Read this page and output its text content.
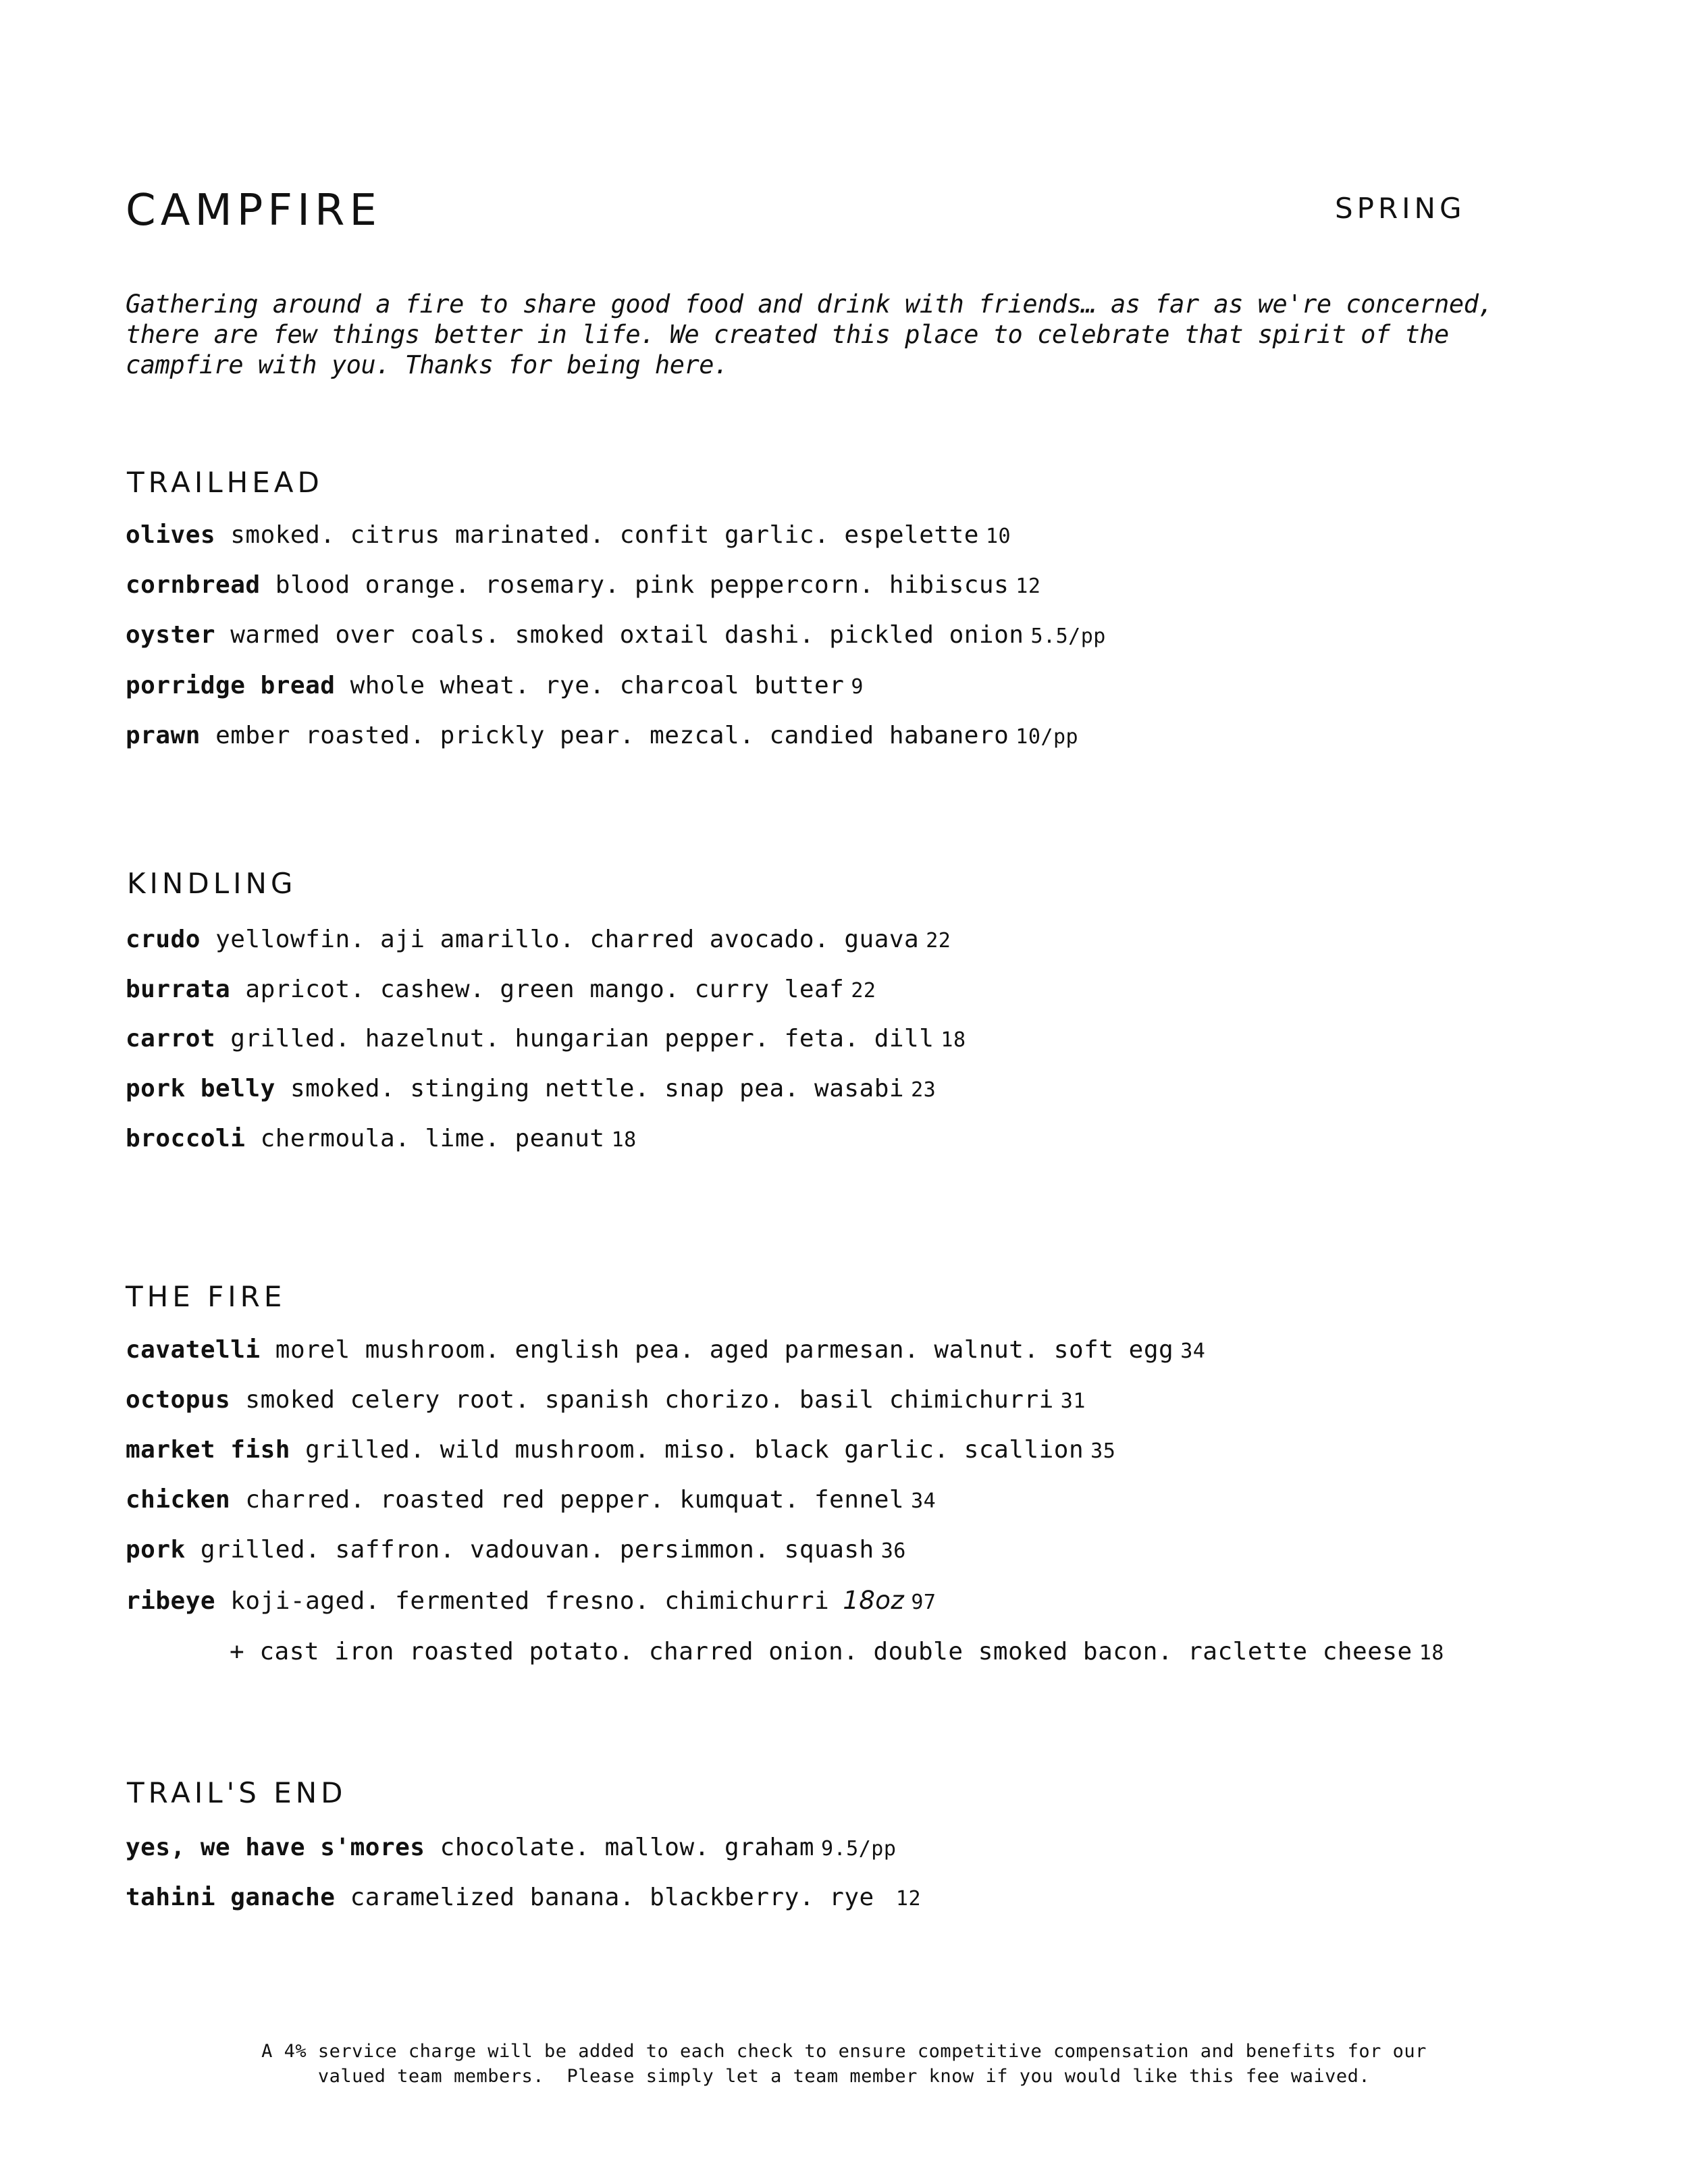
CAMPFIRE	SPRING
Gathering around a fire to share good food and drink with friends… as far as we're concerned,
there are few things better in life. We created this place to celebrate that spirit of the
campfire with you. Thanks for being here.
TRAILHEAD
olives smoked. citrus marinated. confit garlic. espelette 10
cornbread blood orange. rosemary. pink peppercorn. hibiscus 12
oyster warmed over coals. smoked oxtail dashi. pickled onion 5.5/pp
porridge bread whole wheat. rye. charcoal butter 9
prawn ember roasted. prickly pear. mezcal. candied habanero 10/pp
KINDLING
crudo yellowfin. aji amarillo. charred avocado. guava 22
burrata apricot. cashew. green mango. curry leaf 22
carrot grilled. hazelnut. hungarian pepper. feta. dill 18
pork belly smoked. stinging nettle. snap pea. wasabi 23
broccoli chermoula. lime. peanut 18
THE FIRE
cavatelli morel mushroom. english pea. aged parmesan. walnut. soft egg 34
octopus smoked celery root. spanish chorizo. basil chimichurri 31
market fish grilled. wild mushroom. miso. black garlic. scallion 35
chicken charred. roasted red pepper. kumquat. fennel 34
pork grilled. saffron. vadouvan. persimmon. squash 36
ribeye koji-aged. fermented fresno. chimichurri 18oz 97
+ cast iron roasted potato. charred onion. double smoked bacon. raclette cheese 18
TRAIL'S END
yes, we have s'mores chocolate. mallow. graham 9.5/pp
tahini ganache caramelized banana. blackberry. rye 12
A 4% service charge will be added to each check to ensure competitive compensation and benefits for our
valued team members.  Please simply let a team member know if you would like this fee waived.
